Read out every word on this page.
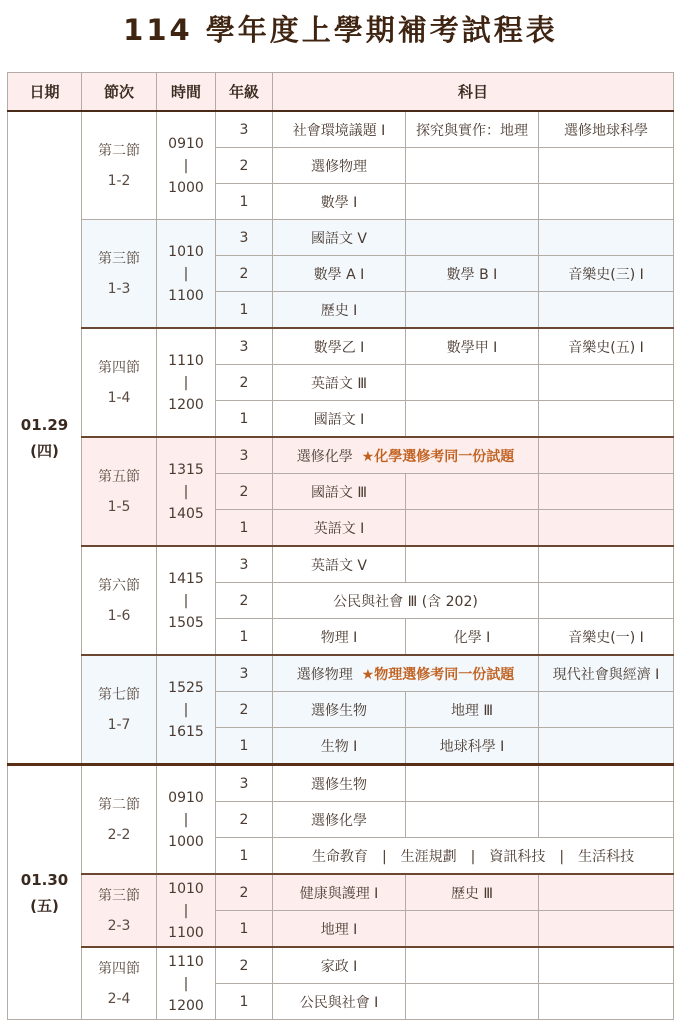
114 學年度上學期補考試程表
日期	節次	時間	年級	科目		

01.29
(四)

第二節
1-2

0910
|
1000
	3	社會環境議題 I	探究與實作：地理	選修地球科學
			2	選修物理		
			1	數學 I		

第三節
1-3

1010
|
1100
	3	國語文 V		
			2	數學 A I	數學 B I	音樂史(三) I
			1	歷史 I		

第四節
1-4

1110
|
1200
	3	數學乙 I	數學甲 I	音樂史(五) I
			2	英語文 Ⅲ		
			1	國語文 I		

第五節
1-5

1315
|
1405
	3	選修化學 ★化學選修考同一份試題	
			2	國語文 Ⅲ		
			1	英語文 I		

第六節
1-6

1415
|
1505
	3	英語文 V		
			2	公民與社會 Ⅲ (含 202)		
			1	物理 I	化學 I	音樂史(一) I

第七節
1-7

1525
|
1615
	3	選修物理 ★物理選修考同一份試題	現代社會與經濟 I
			2	選修生物	地理 Ⅲ	
			1	生物 I	地球科學 I	

01.30
(五)

第二節
2-2

0910
|
1000
	3	選修生物		
			2	選修化學		
			1	生命教育 | 生涯規劃 | 資訊科技 | 生活科技		

第三節
2-3

1010
|
1100
	2	健康與護理 I	歷史 Ⅲ	
			1	地理 I		

第四節
2-4

1110
|
1200
	2	家政 I		
			1	公民與社會 I		
